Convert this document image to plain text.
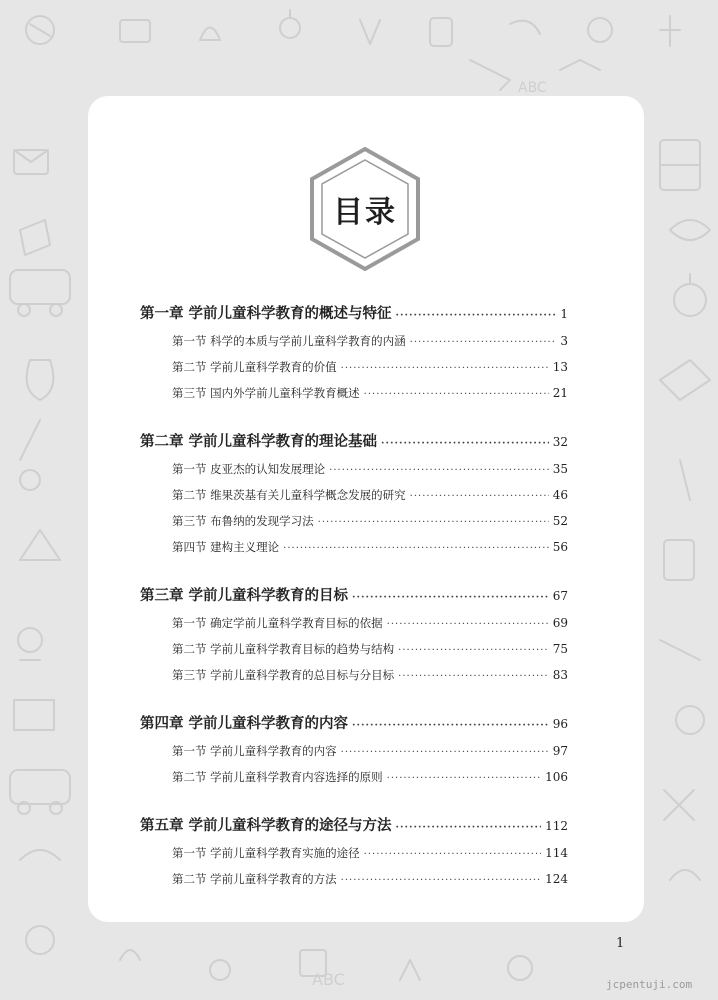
ABC
ABC
目录
第一章 学前儿童科学教育的概述与特征 ·····	1
第一节 科学的本质与学前儿童科学教育的内涵 ·····	3
第二节 学前儿童科学教育的价值 ·····	13
第三节 国内外学前儿童科学教育概述 ·····	21
第二章 学前儿童科学教育的理论基础 ·····	32
第一节 皮亚杰的认知发展理论 ·····	35
第二节 维果茨基有关儿童科学概念发展的研究 ·····	46
第三节 布鲁纳的发现学习法 ·····	52
第四节 建构主义理论 ·····	56
第三章 学前儿童科学教育的目标 ·····	67
第一节 确定学前儿童科学教育目标的依据 ·····	69
第二节 学前儿童科学教育目标的趋势与结构 ·····	75
第三节 学前儿童科学教育的总目标与分目标 ·····	83
第四章 学前儿童科学教育的内容 ·····	96
第一节 学前儿童科学教育的内容 ·····	97
第二节 学前儿童科学教育内容选择的原则 ·····	106
第五章 学前儿童科学教育的途径与方法 ·····	112
第一节 学前儿童科学教育实施的途径 ·····	114
第二节 学前儿童科学教育的方法 ·····	124
1
jcpentuji.com
